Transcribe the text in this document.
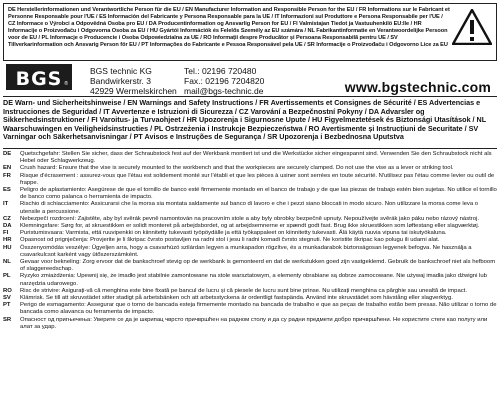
DE Herstellerinformationen und Verantwortliche Person für die EU / EN Manufacturer Information and Responsible Person for the EU / FR Informations sur le Fabricant et Personne Responsable pour l'UE / ES Información del Fabricante y Persona Responsable para la UE / IT Informazioni sul Produttore e Persona Responsabile per l'UE / CZ Informace o Výrobci a Odpovědná Osoba pro EU / DA Producentinformation og Ansvarlig Person for EU / FI Valmistajan Tiedot ja Vastuuhenkilö EU:lle / HR Informacije o Proizvođaču i Odgovorna Osoba za EU / HU Gyártói Információk és Felelős Személy az EU számára / NL Fabrikantinformatie en Verantwoordelijke Persoon voor de EU / PL Informacje o Producencie i Osoba Odpowiedzialna za UE / RO Informații despre Producător și Persoana Responsabilă pentru UE / SV Tillverkarinformation och Ansvarig Person för EU / PT Informações do Fabricante e Pessoa Responsável pela UE / SR Informacije o Proizvođaču i Odgovorno Lice za EU
BGS ®
BGS technic KG
Bandwirkerstr. 3
42929 Wermelskirchen
Tel.: 02196 720480
Fax.: 02196 7204820
mail@bgs-technic.de	www.bgstechnic.com
DE Warn- und Sicherheitshinweise / EN Warnings and Safety Instructions / FR Avertissements et Consignes de Sécurité / ES Advertencias e Instrucciones de Seguridad / IT Avvertenze e Istruzioni di Sicurezza / CZ Varování a Bezpečnostní Pokyny / DA Advarsler og Sikkerhedsinstruktioner / FI Varoitus- ja Turvaohjeet / HR Upozorenja i Sigurnosne Upute / HU Figyelmeztetések és Biztonsági Utasítások / NL Waarschuwingen en Veiligheidsinstructies / PL Ostrzeżenia i Instrukcje Bezpieczeństwa / RO Avertismente și Instrucțiuni de Securitate / SV Varningar och Säkerhetsanvisningar / PT Avisos e Instruções de Segurança / SR Upozorenja i Bezbednosna Uputstva
DE	Quetschgefahr: Stellen Sie sicher, dass der Schraubstock fest auf der Werkbank montiert ist und die Werkstücke sicher eingespannt sind. Verwenden Sie den Schraubstock nicht als Hebel oder Schlagwerkzeug.
EN	Crush hazard: Ensure that the vise is securely mounted to the workbench and that the workpieces are securely clamped. Do not use the vise as a lever or striking tool.
FR	Risque d'écrasement : assurez-vous que l'étau est solidement monté sur l'établi et que les pièces à usiner sont serrées en toute sécurité. N'utilisez pas l'étau comme levier ou outil de frappe.
ES	Peligro de aplastamiento: Asegúrese de que el tornillo de banco esté firmemente montado en el banco de trabajo y de que las piezas de trabajo estén bien sujetas. No utilice el tornillo de banco como palanca o herramienta de impacto.
IT	Rischio di schiacciamento: Assicurarsi che la morsa sia montata saldamente sul banco di lavoro e che i pezzi siano bloccati in modo sicuro. Non utilizzare la morsa come leva o utensile a percussione.
CZ	Nebezpečí rozdrcení: Zajistěte, aby byl svěrák pevně namontován na pracovním stole a aby byly obrobky bezpečně upnuty. Nepoužívejte svěrák jako páku nebo rázový nástroj.
DA	Klemningsfare: Sørg for, at skruestikken er solidt monteret på arbejdsbordet, og at arbejdsemnerne er spændt godt fast. Brug ikke skruestikken som løftestang eller slagværktøj.
FI	Puristumisvaara: Varmista, että ruuvipenkki on kiinnitetty tukevasti työpöydälle ja että työkappaleet on kiinnitetty tukevasti. Älä käytä ruuvia vipuna tai iskutyökaluna.
HR	Opasnost od prignječenja: Provjerite je li škripac čvrsto postavljen na radni stol i jesu li radni komadi čvrsto stegnuti. Ne koristite škripac kao polugu ili udarni alat.
HU	Összenyomódás veszélye: Ügyeljen arra, hogy a csavarhúzó szilárdan legyen a munkapadon rögzítve, és a munkadarabok biztonságosan legyenek befogva. Ne használja a csavarkulcsot karként vagy ütőszerszámként.
NL	Gevaar voor bekneling: Zorg ervoor dat de bankschroef stevig op de werkbank is gemonteerd en dat de werkstukken goed zijn vastgeklemd. Gebruik de bankschroef niet als hefboom of slaggereedschap.
PL	Ryzyko zmiażdżenia: Upewnij się, że imadło jest stabilnie zamontowane na stole warsztatowym, a elementy obrabiane są dobrze zamocowane. Nie używaj imadła jako dźwigni lub narzędzia udarowego.
RO	Risc de strivire: Asigurați-vă că menghina este bine fixată pe bancul de lucru și că piesele de lucru sunt bine prinse. Nu utilizați menghina ca pârghie sau unealtă de impact.
SV	Klämrisk. Se till att skruvstädet sitter stadigt på arbetsbänken och att arbetsstyckena är ordentligt fastspända. Använd inte skruvstädet som hävstång eller slagverktyg.
PT	Perigo de esmagamento: Assegurar que o torno de bancada esteja firmemente montado na bancada de trabalho e que as peças de trabalho estão bem presas. Não utilizar o torno de bancada como alavanca ou ferramenta de impacto.
SR	Опасност од пригњечења: Уверите се да је шкрипац чврсто причвршћен на радном столу и да су радни предмети добро причвршћени. Не користите стеге као полугу или алат за удар.
